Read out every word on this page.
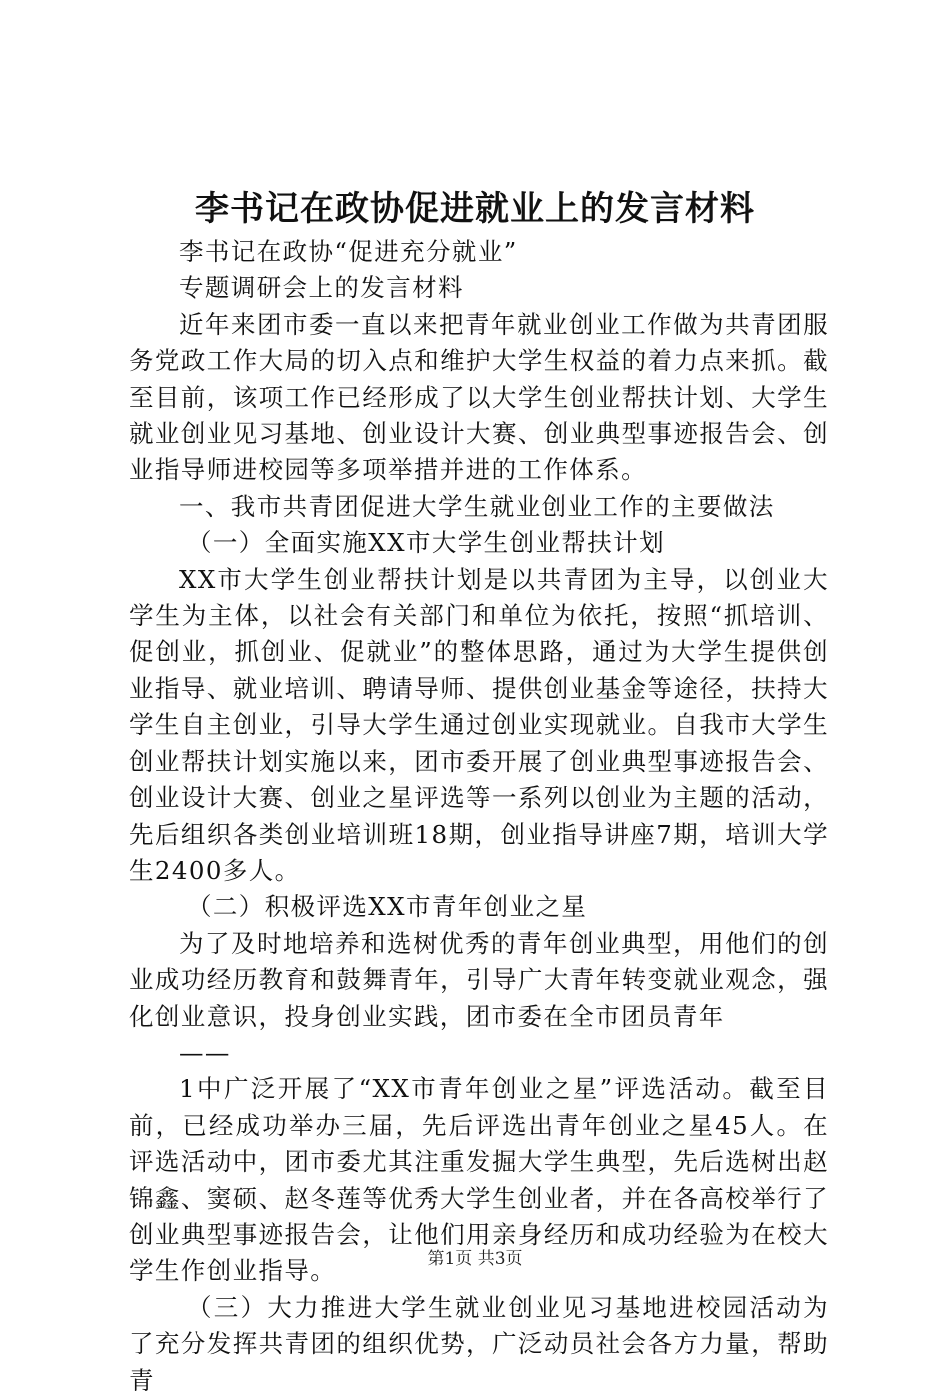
李书记在政协促进就业上的发言材料

李书记在政协“促进充分就业”

专题调研会上的发言材料

近年来团市委一直以来把青年就业创业工作做为共青团服务党政工作大局的切入点和维护大学生权益的着力点来抓。截至目前，该项工作已经形成了以大学生创业帮扶计划、大学生就业创业见习基地、创业设计大赛、创业典型事迹报告会、创业指导师进校园等多项举措并进的工作体系。

一、我市共青团促进大学生就业创业工作的主要做法

（一）全面实施XX市大学生创业帮扶计划

XX市大学生创业帮扶计划是以共青团为主导，以创业大学生为主体，以社会有关部门和单位为依托，按照“抓培训、促创业，抓创业、促就业”的整体思路，通过为大学生提供创业指导、就业培训、聘请导师、提供创业基金等途径，扶持大学生自主创业，引导大学生通过创业实现就业。自我市大学生创业帮扶计划实施以来，团市委开展了创业典型事迹报告会、创业设计大赛、创业之星评选等一系列以创业为主题的活动，先后组织各类创业培训班18期，创业指导讲座7期，培训大学生2400多人。

（二）积极评选XX市青年创业之星

为了及时地培养和选树优秀的青年创业典型，用他们的创业成功经历教育和鼓舞青年，引导广大青年转变就业观念，强化创业意识，投身创业实践，团市委在全市团员青年

——

1中广泛开展了“XX市青年创业之星”评选活动。截至目前，已经成功举办三届，先后评选出青年创业之星45人。在评选活动中，团市委尤其注重发掘大学生典型，先后选树出赵锦鑫、窦硕、赵冬莲等优秀大学生创业者，并在各高校举行了创业典型事迹报告会，让他们用亲身经历和成功经验为在校大学生作创业指导。

（三）大力推进大学生就业创业见习基地进校园活动为了充分发挥共青团的组织优势，广泛动员社会各方力量，帮助青

第1页 共3页
